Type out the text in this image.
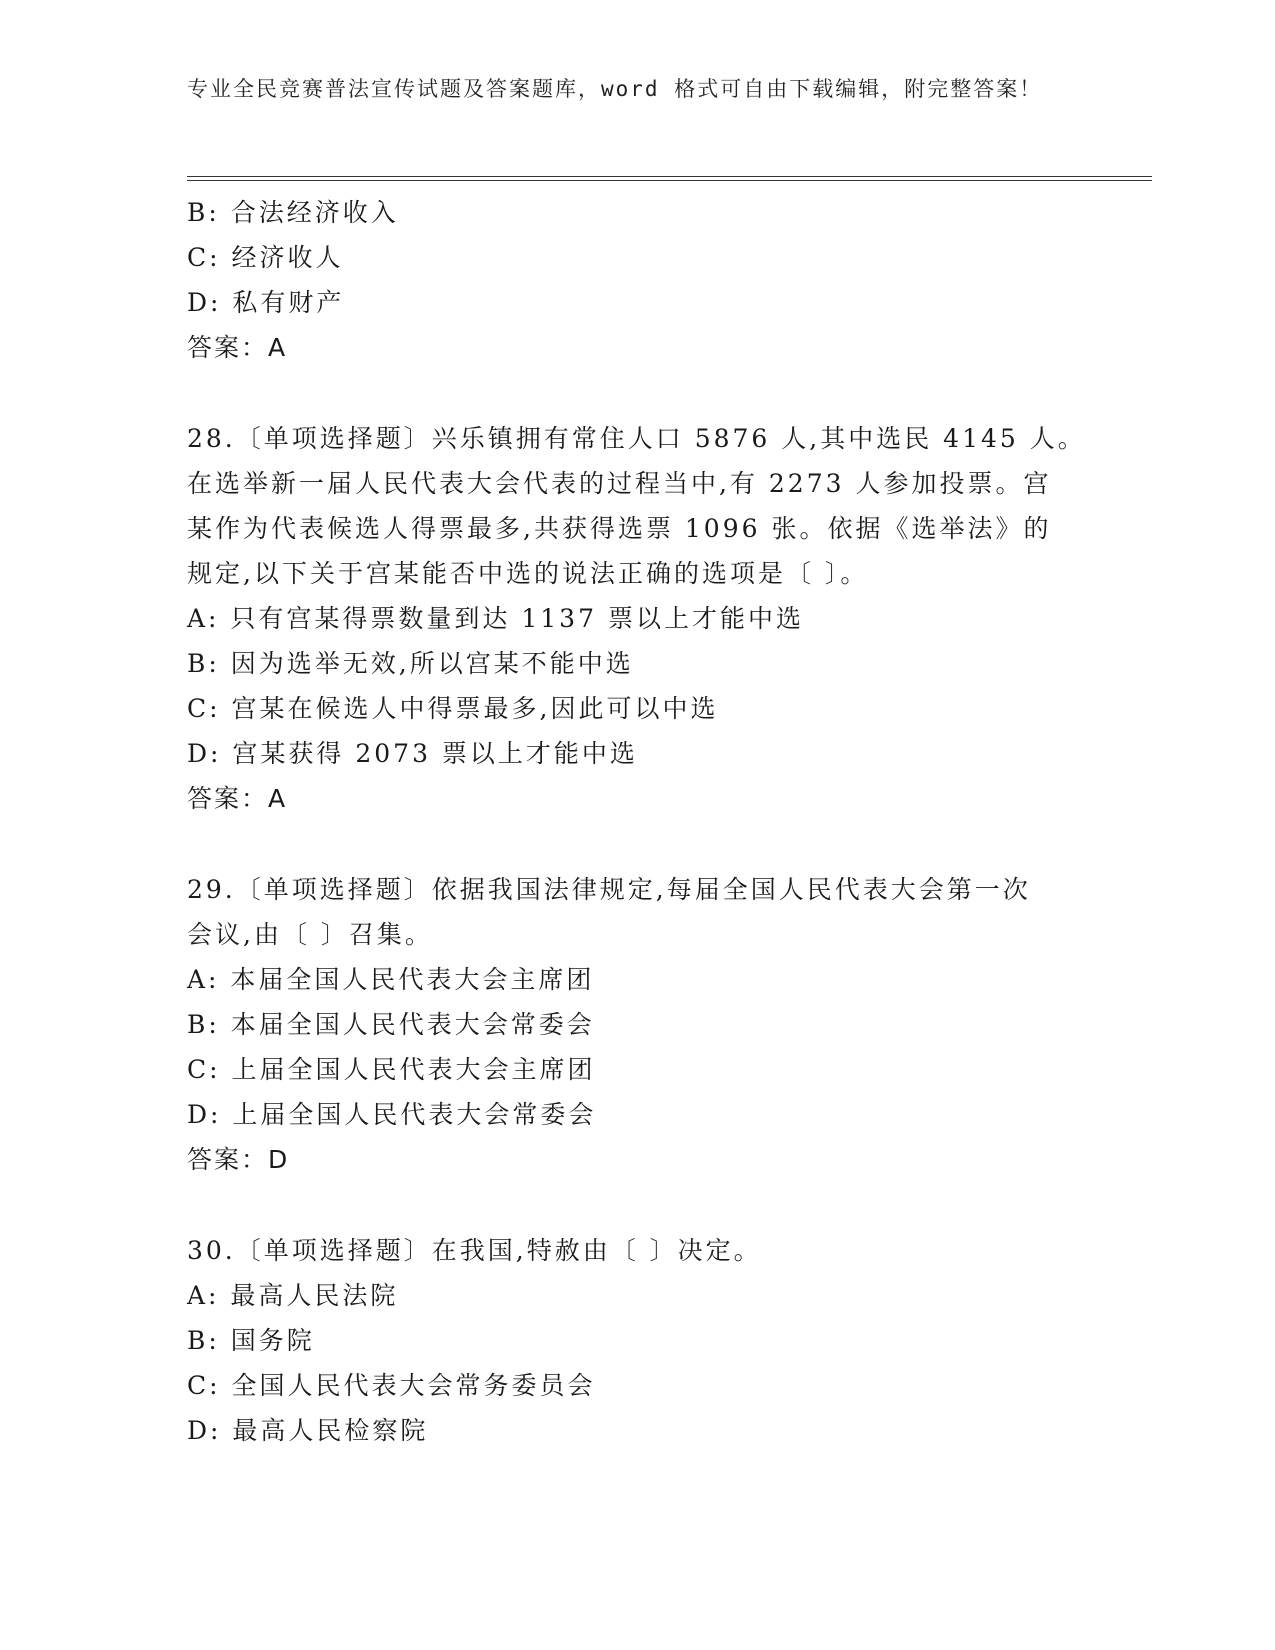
专业全民竞赛普法宣传试题及答案题库，word 格式可自由下载编辑，附完整答案！
B: 合法经济收入
C: 经济收人
D: 私有财产
答案：A
28.〔单项选择题〕兴乐镇拥有常住人口 5876 人,其中选民 4145 人。
在选举新一届人民代表大会代表的过程当中,有 2273 人参加投票。宫
某作为代表候选人得票最多,共获得选票 1096 张。依据《选举法》的
规定,以下关于宫某能否中选的说法正确的选项是〔 〕。
A: 只有宫某得票数量到达 1137 票以上才能中选
B: 因为选举无效,所以宫某不能中选
C: 宫某在候选人中得票最多,因此可以中选
D: 宫某获得 2073 票以上才能中选
答案：A
29.〔单项选择题〕依据我国法律规定,每届全国人民代表大会第一次
会议,由〔 〕召集。
A: 本届全国人民代表大会主席团
B: 本届全国人民代表大会常委会
C: 上届全国人民代表大会主席团
D: 上届全国人民代表大会常委会
答案：D
30.〔单项选择题〕在我国,特赦由〔 〕决定。
A: 最高人民法院
B: 国务院
C: 全国人民代表大会常务委员会
D: 最高人民检察院
